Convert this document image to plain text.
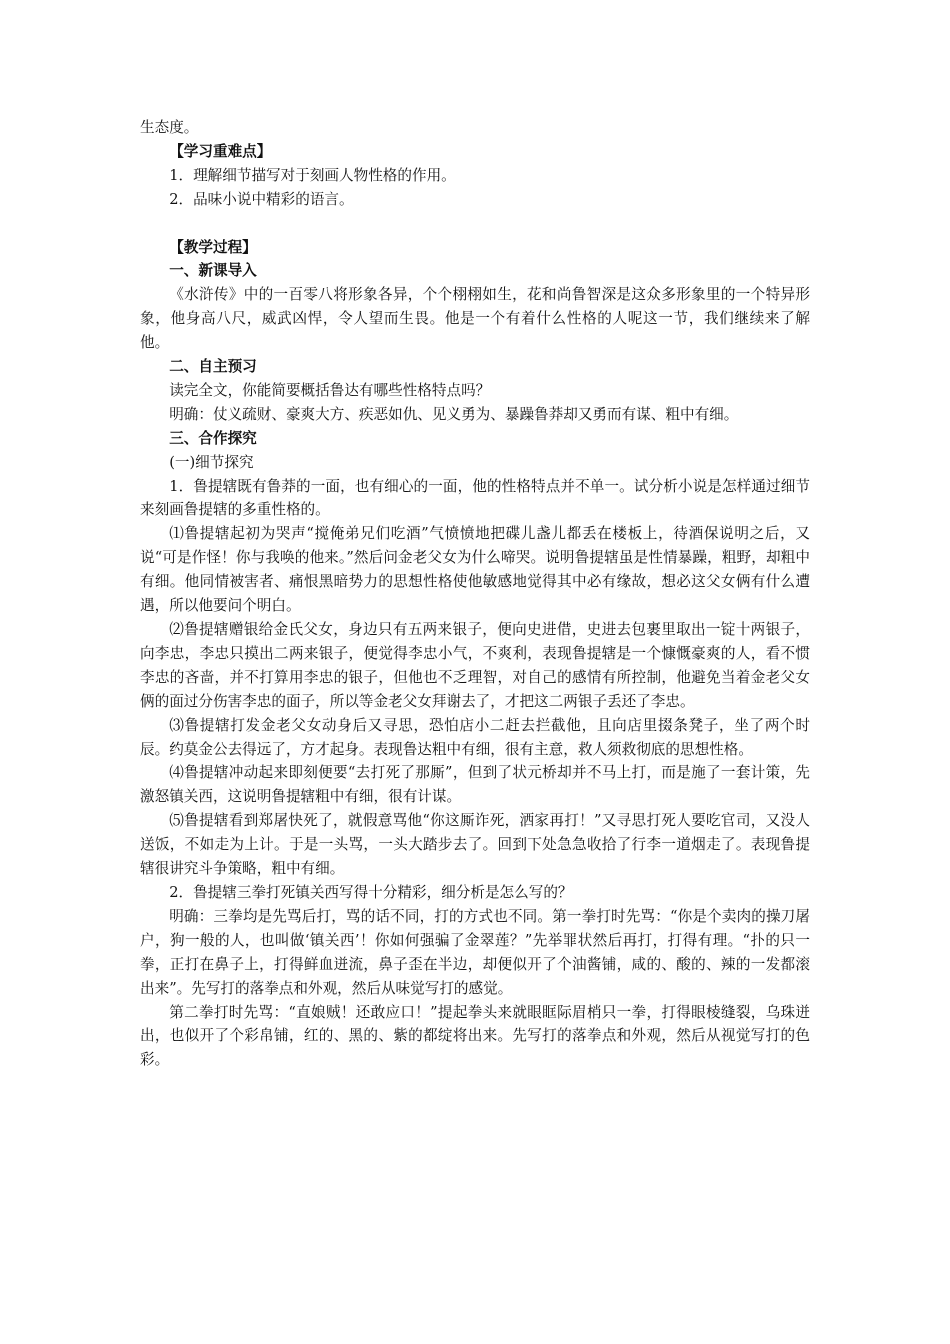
生态度。

【学习重难点】

1．理解细节描写对于刻画人物性格的作用。

2．品味小说中精彩的语言。

【教学过程】

一、新课导入

《水浒传》中的一百零八将形象各异，个个栩栩如生，花和尚鲁智深是这众多形象里的一个特异形象，他身高八尺，威武凶悍，令人望而生畏。他是一个有着什么性格的人呢这一节，我们继续来了解他。

二、自主预习

读完全文，你能简要概括鲁达有哪些性格特点吗？

明确：仗义疏财、豪爽大方、疾恶如仇、见义勇为、暴躁鲁莽却又勇而有谋、粗中有细。

三、合作探究

(一)细节探究

1．鲁提辖既有鲁莽的一面，也有细心的一面，他的性格特点并不单一。试分析小说是怎样通过细节来刻画鲁提辖的多重性格的。

⑴鲁提辖起初为哭声“搅俺弟兄们吃酒”气愤愤地把碟儿盏儿都丢在楼板上，待酒保说明之后，又说“可是作怪！你与我唤的他来。”然后问金老父女为什么啼哭。说明鲁提辖虽是性情暴躁，粗野，却粗中有细。他同情被害者、痛恨黑暗势力的思想性格使他敏感地觉得其中必有缘故，想必这父女俩有什么遭遇，所以他要问个明白。

⑵鲁提辖赠银给金氏父女，身边只有五两来银子，便向史进借，史进去包裹里取出一锭十两银子，向李忠，李忠只摸出二两来银子，便觉得李忠小气，不爽利，表现鲁提辖是一个慷慨豪爽的人，看不惯李忠的吝啬，并不打算用李忠的银子，但他也不乏理智，对自己的感情有所控制，他避免当着金老父女俩的面过分伤害李忠的面子，所以等金老父女拜谢去了，才把这二两银子丢还了李忠。

⑶鲁提辖打发金老父女动身后又寻思，恐怕店小二赶去拦截他，且向店里掇条凳子，坐了两个时辰。约莫金公去得远了，方才起身。表现鲁达粗中有细，很有主意，救人须救彻底的思想性格。

⑷鲁提辖冲动起来即刻便要“去打死了那厮”，但到了状元桥却并不马上打，而是施了一套计策，先激怒镇关西，这说明鲁提辖粗中有细，很有计谋。

⑸鲁提辖看到郑屠快死了，就假意骂他“你这厮诈死，洒家再打！”又寻思打死人要吃官司，又没人送饭，不如走为上计。于是一头骂，一头大踏步去了。回到下处急急收拾了行李一道烟走了。表现鲁提辖很讲究斗争策略，粗中有细。

2．鲁提辖三拳打死镇关西写得十分精彩，细分析是怎么写的？

明确：三拳均是先骂后打，骂的话不同，打的方式也不同。第一拳打时先骂：“你是个卖肉的操刀屠户，狗一般的人，也叫做‘镇关西’！你如何强骗了金翠莲？”先举罪状然后再打，打得有理。“扑的只一拳，正打在鼻子上，打得鲜血迸流，鼻子歪在半边，却便似开了个油酱铺，咸的、酸的、辣的一发都滚出来”。先写打的落拳点和外观，然后从味觉写打的感觉。

第二拳打时先骂：“直娘贼！还敢应口！”提起拳头来就眼眶际眉梢只一拳，打得眼棱缝裂，乌珠迸出，也似开了个彩帛铺，红的、黑的、紫的都绽将出来。先写打的落拳点和外观，然后从视觉写打的色彩。
